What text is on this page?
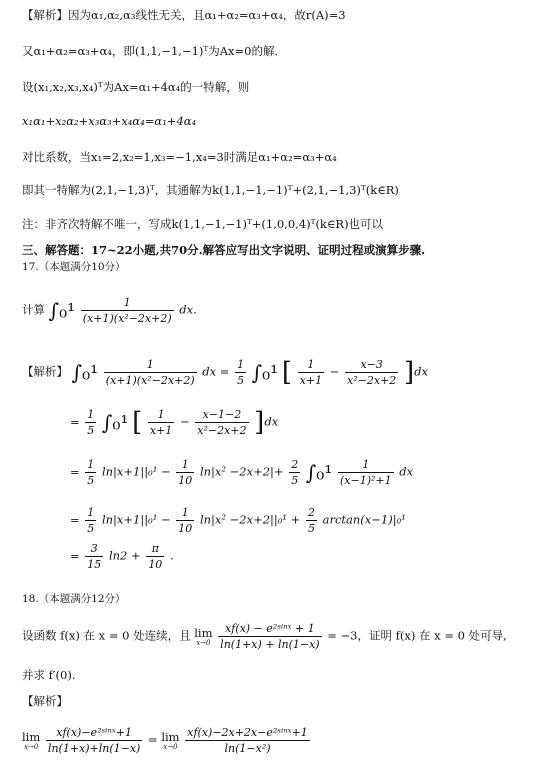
【解析】因为α₁,α₂,α₃线性无关，且α₁+α₂=α₃+α₄，故r(A)=3
又α₁+α₂=α₃+α₄，即(1,1,−1,−1)ᵀ为Ax=0的解.
设(x₁,x₂,x₃,x₄)ᵀ为Ax=α₁+4α₄的一特解，则
x₁α₁+x₂α₂+x₃α₃+x₄α₄=α₁+4α₄
对比系数，当x₁=2,x₂=1,x₃=−1,x₄=3时满足α₁+α₂=α₃+α₄
即其一特解为(2,1,−1,3)ᵀ，其通解为k(1,1,−1,−1)ᵀ+(2,1,−1,3)ᵀ(k∈R)
注：非齐次特解不唯一，写成k(1,1,−1,−1)ᵀ+(1,0,0,4)ᵀ(k∈R)也可以
三、解答题：17~22小题,共70分.解答应写出文字说明、证明过程或演算步骤.
17.（本题满分10分）
计算 $\int_0^1 \frac{1}{\text{(x+1)(x²−2x+2)}}$ dx.
【解析】 $\int_0^1 \frac{1}{\text{(x+1)(x²−2x+2)}}$ dx = $\frac{1}{5} \int_0^1$ [ $\frac{1}{x+1} - \frac{x-3}{\text{x²−2x+2}} ]dx$
= $\frac{1}{5} \int_0^1$ [ $\frac{1}{x+1} - \frac{x-1-2}{\text{x²−2x+2}} ]dx$
= $\frac{1}{5} \ln|x+1||_0^1 - \frac{1}{10} \ln|x^2 -2x+2|+ \frac{2}{5} \int_0^1 \frac{1}{\text{(x−1)²+1}}$ dx
= $\frac{1}{5} \ln|x+1||_0^1 - \frac{1}{10} \ln|x^2 -2x+2||_0^1 + \frac{2}{5} \arctan(x-1)|_0^1$
= $\frac{3}{15} \ln 2 + \frac{\pi}{10}$ .
18.（本题满分12分）
设函数 f(x) 在 x = 0 处连续，且 lim
x→0
$\frac{\text{xf(x) − e²ˢⁱⁿˣ + 1}}{\ln(1+x) + \ln(1-x)} = -3$，证明 f(x) 在 x = 0 处可导,
并求 f′(0).
【解析】
lim
x→0
$\frac{\text{xf(x)−e²ˢⁱⁿˣ+1}}{\ln(1+x)+\ln(1-x)} = \lim$
x→0
$\frac{\text{xf(x)−2x+2x−e²ˢⁱⁿˣ+1}}{\text{ln(1−x²)}}$
